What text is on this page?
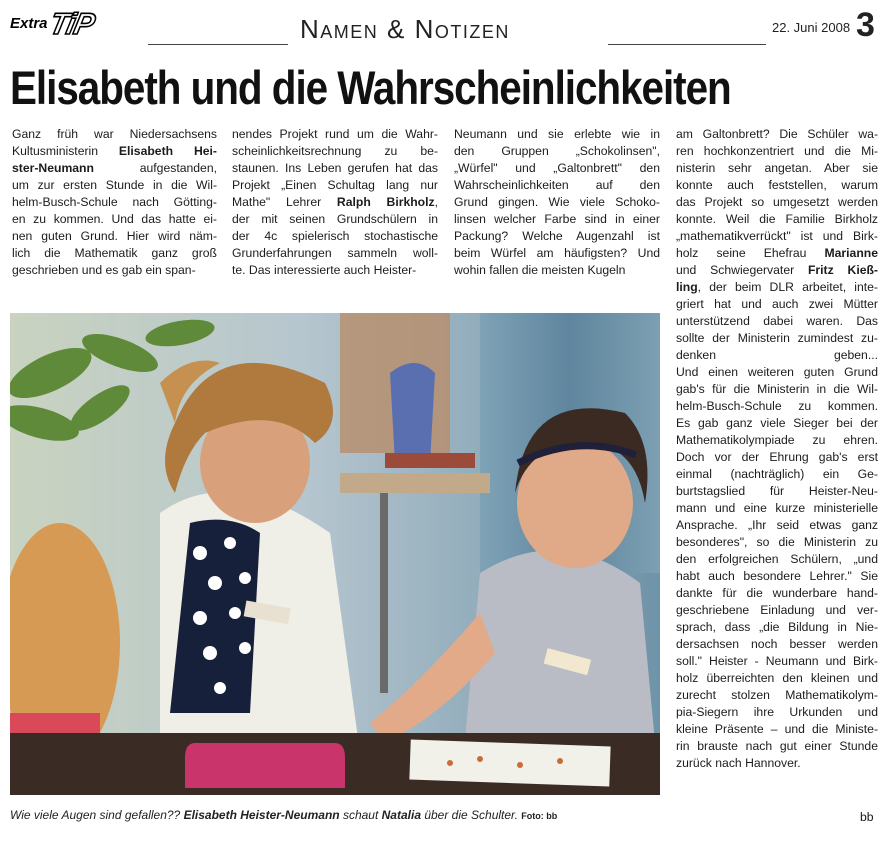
Extra
TiP	Namen & Notizen	22. Juni 2008 3
Elisabeth und die Wahrscheinlichkeiten
Ganz früh war Niedersachsens
Kultusministerin Elisabeth Hei-
ster-Neumann aufgestanden,
um zur ersten Stunde in die Wil-
helm-Busch-Schule nach Götting-
en zu kommen. Und das hatte ei-
nen guten Grund. Hier wird näm-
lich die Mathematik ganz groß
geschrieben und es gab ein span-
nendes Projekt rund um die Wahr-
scheinlichkeitsrechnung zu be-
staunen. Ins Leben gerufen hat das
Projekt „Einen Schultag lang nur
Mathe" Lehrer Ralph Birkholz,
der mit seinen Grundschülern in
der 4c spielerisch stochastische
Grunderfahrungen sammeln woll-
te. Das interessierte auch Heister-
Neumann und sie erlebte wie in
den Gruppen „Schokolinsen",
„Würfel" und „Galtonbrett" den
Wahrscheinlichkeiten auf den
Grund gingen. Wie viele Schoko-
linsen welcher Farbe sind in einer
Packung? Welche Augenzahl ist
beim Würfel am häufigsten? Und
wohin fallen die meisten Kugeln
am Galtonbrett? Die Schüler wa-
ren hochkonzentriert und die Mi-
nisterin sehr angetan. Aber sie
konnte auch feststellen, warum
das Projekt so umgesetzt werden
konnte. Weil die Familie Birkholz
„mathematikverrückt" ist und Birk-
holz seine Ehefrau Marianne
und Schwiegervater Fritz Kieß-
ling, der beim DLR arbeitet, inte-
griert hat und auch zwei Mütter
unterstützend dabei waren. Das
sollte der Ministerin zumindest zu-
denken geben...
Und einen weiteren guten Grund
gab's für die Ministerin in die Wil-
helm-Busch-Schule zu kommen.
Es gab ganz viele Sieger bei der
Mathematikolympiade zu ehren.
Doch vor der Ehrung gab's erst
einmal (nachträglich) ein Ge-
burtstagslied für Heister-Neu-
mann und eine kurze ministerielle
Ansprache. „Ihr seid etwas ganz
besonderes", so die Ministerin zu
den erfolgreichen Schülern, „und
habt auch besondere Lehrer." Sie
dankte für die wunderbare hand-
geschriebene Einladung und ver-
sprach, dass „die Bildung in Nie-
dersachsen noch besser werden
soll." Heister - Neumann und Birk-
holz überreichten den kleinen und
zurecht stolzen Mathematikolym-
pia-Siegern ihre Urkunden und
kleine Präsente – und die Ministe-
rin brauste nach gut einer Stunde
zurück nach Hannover.
Wie viele Augen sind gefallen?? Elisabeth Heister-Neumann schaut Natalia über die Schulter. Foto: bb	bb
